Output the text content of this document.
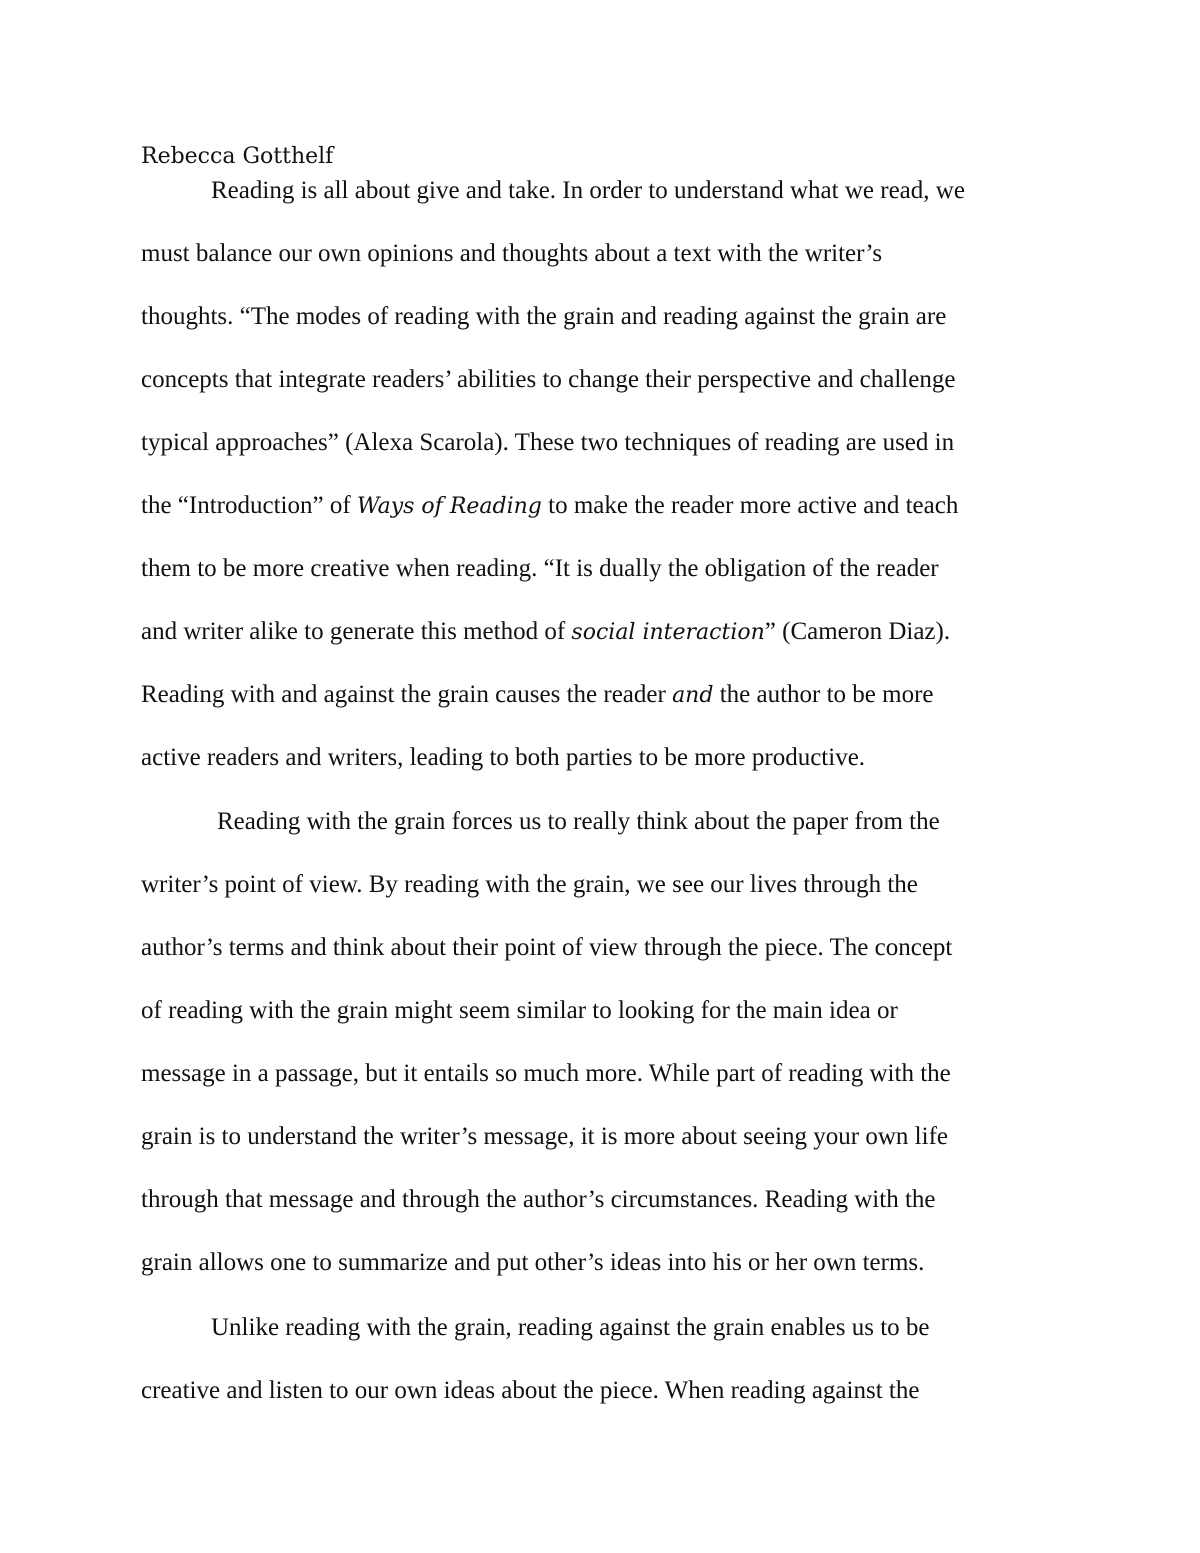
Rebecca Gotthelf
Reading is all about give and take. In order to understand what we read, we
must balance our own opinions and thoughts about a text with the writer’s
thoughts. “The modes of reading with the grain and reading against the grain are
concepts that integrate readers’ abilities to change their perspective and challenge
typical approaches” (Alexa Scarola). These two techniques of reading are used in
the “Introduction” of Ways of Reading to make the reader more active and teach
them to be more creative when reading. “It is dually the obligation of the reader
and writer alike to generate this method of social interaction” (Cameron Diaz).
Reading with and against the grain causes the reader and the author to be more
active readers and writers, leading to both parties to be more productive.
Reading with the grain forces us to really think about the paper from the
writer’s point of view. By reading with the grain, we see our lives through the
author’s terms and think about their point of view through the piece. The concept
of reading with the grain might seem similar to looking for the main idea or
message in a passage, but it entails so much more. While part of reading with the
grain is to understand the writer’s message, it is more about seeing your own life
through that message and through the author’s circumstances. Reading with the
grain allows one to summarize and put other’s ideas into his or her own terms.
Unlike reading with the grain, reading against the grain enables us to be
creative and listen to our own ideas about the piece. When reading against the
